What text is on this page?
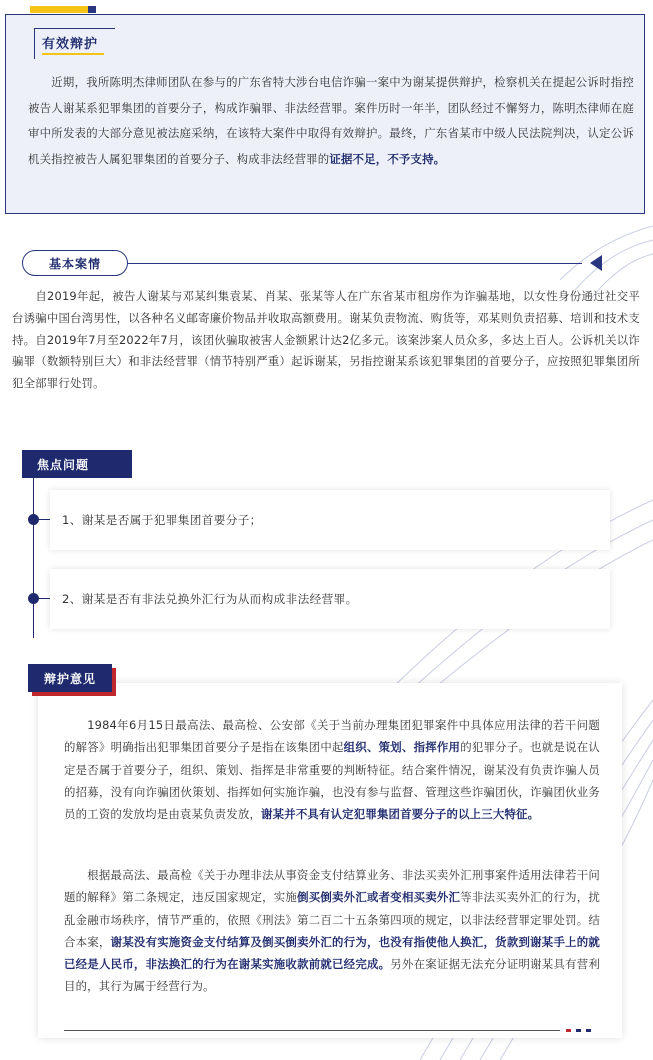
有效辩护

  近期，我所陈明杰律师团队在参与的广东省特大涉台电信诈骗一案中为谢某提供辩护，检察机关在提起公诉时指控被告人谢某系犯罪集团的首要分子，构成诈骗罪、非法经营罪。案件历时一年半，团队经过不懈努力，陈明杰律师在庭审中所发表的大部分意见被法庭采纳，在该特大案件中取得有效辩护。最终，广东省某市中级人民法院判决，认定公诉机关指控被告人属犯罪集团的首要分子、构成非法经营罪的证据不足，不予支持。

基本案情

  自2019年起，被告人谢某与邓某纠集袁某、肖某、张某等人在广东省某市租房作为诈骗基地，以女性身份通过社交平台诱骗中国台湾男性，以各种名义邮寄廉价物品并收取高额费用。谢某负责物流、购货等，邓某则负责招募、培训和技术支持。自2019年7月至2022年7月，该团伙骗取被害人金额累计达2亿多元。该案涉案人员众多，多达上百人。公诉机关以诈骗罪（数额特别巨大）和非法经营罪（情节特别严重）起诉谢某，另指控谢某系该犯罪集团的首要分子，应按照犯罪集团所犯全部罪行处罚。

焦点问题
1、谢某是否属于犯罪集团首要分子；
2、谢某是否有非法兑换外汇行为从而构成非法经营罪。
辩护意见

  1984年6月15日最高法、最高检、公安部《关于当前办理集团犯罪案件中具体应用法律的若干问题的解答》明确指出犯罪集团首要分子是指在该集团中起组织、策划、指挥作用的犯罪分子。也就是说在认定是否属于首要分子，组织、策划、指挥是非常重要的判断特征。结合案件情况，谢某没有负责诈骗人员的招募，没有向诈骗团伙策划、指挥如何实施诈骗，也没有参与监督、管理这些诈骗团伙，诈骗团伙业务员的工资的发放均是由袁某负责发放，谢某并不具有认定犯罪集团首要分子的以上三大特征。

  根据最高法、最高检《关于办理非法从事资金支付结算业务、非法买卖外汇刑事案件适用法律若干问题的解释》第二条规定，违反国家规定，实施倒买倒卖外汇或者变相买卖外汇等非法买卖外汇的行为，扰乱金融市场秩序，情节严重的，依照《刑法》第二百二十五条第四项的规定，以非法经营罪定罪处罚。结合本案，谢某没有实施资金支付结算及倒买倒卖外汇的行为，也没有指使他人换汇，货款到谢某手上的就已经是人民币，非法换汇的行为在谢某实施收款前就已经完成。另外在案证据无法充分证明谢某具有营利目的，其行为属于经营行为。
